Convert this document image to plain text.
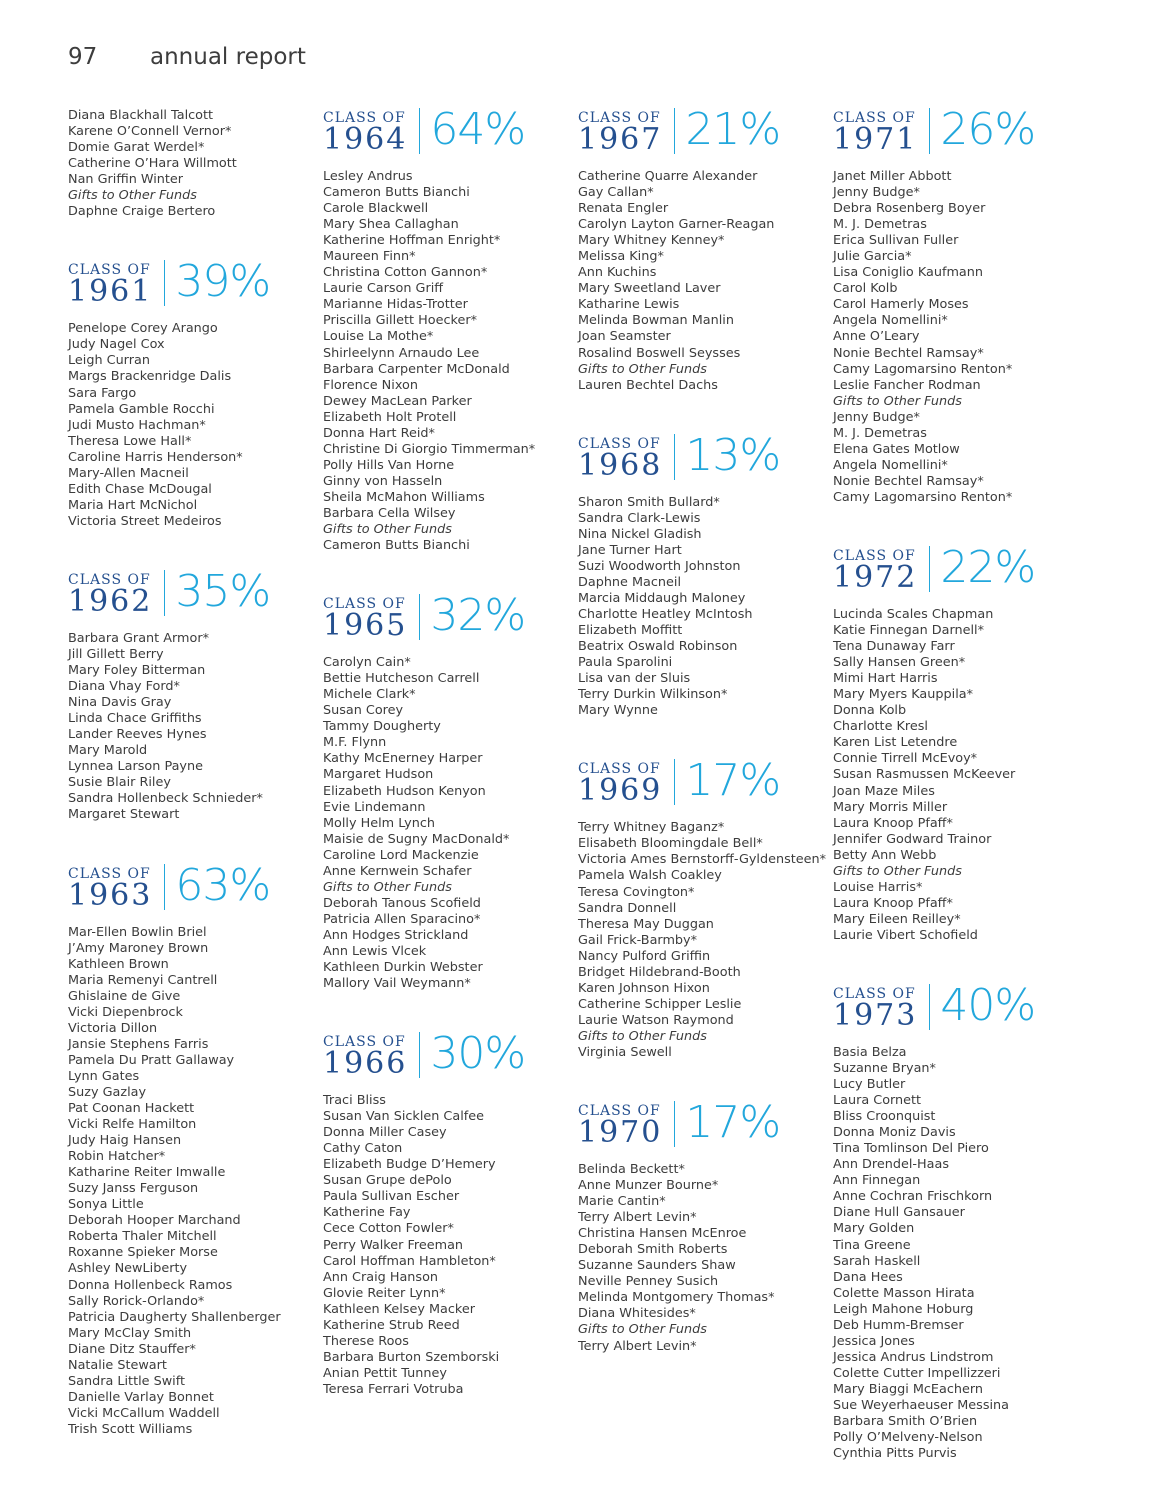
97 annual report
Diana Blackhall Talcott
Karene O’Connell Vernor*
Domie Garat Werdel*
Catherine O’Hara Willmott
Nan Griffin Winter
Gifts to Other Funds
Daphne Craige Bertero
CLASS OF
1961 39%
Penelope Corey Arango
Judy Nagel Cox
Leigh Curran
Margs Brackenridge Dalis
Sara Fargo
Pamela Gamble Rocchi
Judi Musto Hachman*
Theresa Lowe Hall*
Caroline Harris Henderson*
Mary-Allen Macneil
Edith Chase McDougal
Maria Hart McNichol
Victoria Street Medeiros
CLASS OF
1962 35%
Barbara Grant Armor*
Jill Gillett Berry
Mary Foley Bitterman
Diana Vhay Ford*
Nina Davis Gray
Linda Chace Griffiths
Lander Reeves Hynes
Mary Marold
Lynnea Larson Payne
Susie Blair Riley
Sandra Hollenbeck Schnieder*
Margaret Stewart
CLASS OF
1963 63%
Mar-Ellen Bowlin Briel
J’Amy Maroney Brown
Kathleen Brown
Maria Remenyi Cantrell
Ghislaine de Give
Vicki Diepenbrock
Victoria Dillon
Jansie Stephens Farris
Pamela Du Pratt Gallaway
Lynn Gates
Suzy Gazlay
Pat Coonan Hackett
Vicki Relfe Hamilton
Judy Haig Hansen
Robin Hatcher*
Katharine Reiter Imwalle
Suzy Janss Ferguson
Sonya Little
Deborah Hooper Marchand
Roberta Thaler Mitchell
Roxanne Spieker Morse
Ashley NewLiberty
Donna Hollenbeck Ramos
Sally Rorick-Orlando*
Patricia Daugherty Shallenberger
Mary McClay Smith
Diane Ditz Stauffer*
Natalie Stewart
Sandra Little Swift
Danielle Varlay Bonnet
Vicki McCallum Waddell
Trish Scott Williams
CLASS OF
1964 64%
Lesley Andrus
Cameron Butts Bianchi
Carole Blackwell
Mary Shea Callaghan
Katherine Hoffman Enright*
Maureen Finn*
Christina Cotton Gannon*
Laurie Carson Griff
Marianne Hidas-Trotter
Priscilla Gillett Hoecker*
Louise La Mothe*
Shirleelynn Arnaudo Lee
Barbara Carpenter McDonald
Florence Nixon
Dewey MacLean Parker
Elizabeth Holt Protell
Donna Hart Reid*
Christine Di Giorgio Timmerman*
Polly Hills Van Horne
Ginny von Hasseln
Sheila McMahon Williams
Barbara Cella Wilsey
Gifts to Other Funds
Cameron Butts Bianchi
CLASS OF
1965 32%
Carolyn Cain*
Bettie Hutcheson Carrell
Michele Clark*
Susan Corey
Tammy Dougherty
M.F. Flynn
Kathy McEnerney Harper
Margaret Hudson
Elizabeth Hudson Kenyon
Evie Lindemann
Molly Helm Lynch
Maisie de Sugny MacDonald*
Caroline Lord Mackenzie
Anne Kernwein Schafer
Gifts to Other Funds
Deborah Tanous Scofield
Patricia Allen Sparacino*
Ann Hodges Strickland
Ann Lewis Vlcek
Kathleen Durkin Webster
Mallory Vail Weymann*
CLASS OF
1966 30%
Traci Bliss
Susan Van Sicklen Calfee
Donna Miller Casey
Cathy Caton
Elizabeth Budge D’Hemery
Susan Grupe dePolo
Paula Sullivan Escher
Katherine Fay
Cece Cotton Fowler*
Perry Walker Freeman
Carol Hoffman Hambleton*
Ann Craig Hanson
Glovie Reiter Lynn*
Kathleen Kelsey Macker
Katherine Strub Reed
Therese Roos
Barbara Burton Szemborski
Anian Pettit Tunney
Teresa Ferrari Votruba
CLASS OF
1967 21%
Catherine Quarre Alexander
Gay Callan*
Renata Engler
Carolyn Layton Garner-Reagan
Mary Whitney Kenney*
Melissa King*
Ann Kuchins
Mary Sweetland Laver
Katharine Lewis
Melinda Bowman Manlin
Joan Seamster
Rosalind Boswell Seysses
Gifts to Other Funds
Lauren Bechtel Dachs
CLASS OF
1968 13%
Sharon Smith Bullard*
Sandra Clark-Lewis
Nina Nickel Gladish
Jane Turner Hart
Suzi Woodworth Johnston
Daphne Macneil
Marcia Middaugh Maloney
Charlotte Heatley McIntosh
Elizabeth Moffitt
Beatrix Oswald Robinson
Paula Sparolini
Lisa van der Sluis
Terry Durkin Wilkinson*
Mary Wynne
CLASS OF
1969 17%
Terry Whitney Baganz*
Elisabeth Bloomingdale Bell*
Victoria Ames Bernstorff-Gyldensteen*
Pamela Walsh Coakley
Teresa Covington*
Sandra Donnell
Theresa May Duggan
Gail Frick-Barmby*
Nancy Pulford Griffin
Bridget Hildebrand-Booth
Karen Johnson Hixon
Catherine Schipper Leslie
Laurie Watson Raymond
Gifts to Other Funds
Virginia Sewell
CLASS OF
1970 17%
Belinda Beckett*
Anne Munzer Bourne*
Marie Cantin*
Terry Albert Levin*
Christina Hansen McEnroe
Deborah Smith Roberts
Suzanne Saunders Shaw
Neville Penney Susich
Melinda Montgomery Thomas*
Diana Whitesides*
Gifts to Other Funds
Terry Albert Levin*
CLASS OF
1971 26%
Janet Miller Abbott
Jenny Budge*
Debra Rosenberg Boyer
M. J. Demetras
Erica Sullivan Fuller
Julie Garcia*
Lisa Coniglio Kaufmann
Carol Kolb
Carol Hamerly Moses
Angela Nomellini*
Anne O’Leary
Nonie Bechtel Ramsay*
Camy Lagomarsino Renton*
Leslie Fancher Rodman
Gifts to Other Funds
Jenny Budge*
M. J. Demetras
Elena Gates Motlow
Angela Nomellini*
Nonie Bechtel Ramsay*
Camy Lagomarsino Renton*
CLASS OF
1972 22%
Lucinda Scales Chapman
Katie Finnegan Darnell*
Tena Dunaway Farr
Sally Hansen Green*
Mimi Hart Harris
Mary Myers Kauppila*
Donna Kolb
Charlotte Kresl
Karen List Letendre
Connie Tirrell McEvoy*
Susan Rasmussen McKeever
Joan Maze Miles
Mary Morris Miller
Laura Knoop Pfaff*
Jennifer Godward Trainor
Betty Ann Webb
Gifts to Other Funds
Louise Harris*
Laura Knoop Pfaff*
Mary Eileen Reilley*
Laurie Vibert Schofield
CLASS OF
1973 40%
Basia Belza
Suzanne Bryan*
Lucy Butler
Laura Cornett
Bliss Croonquist
Donna Moniz Davis
Tina Tomlinson Del Piero
Ann Drendel-Haas
Ann Finnegan
Anne Cochran Frischkorn
Diane Hull Gansauer
Mary Golden
Tina Greene
Sarah Haskell
Dana Hees
Colette Masson Hirata
Leigh Mahone Hoburg
Deb Humm-Bremser
Jessica Jones
Jessica Andrus Lindstrom
Colette Cutter Impellizzeri
Mary Biaggi McEachern
Sue Weyerhaeuser Messina
Barbara Smith O’Brien
Polly O’Melveny-Nelson
Cynthia Pitts Purvis
